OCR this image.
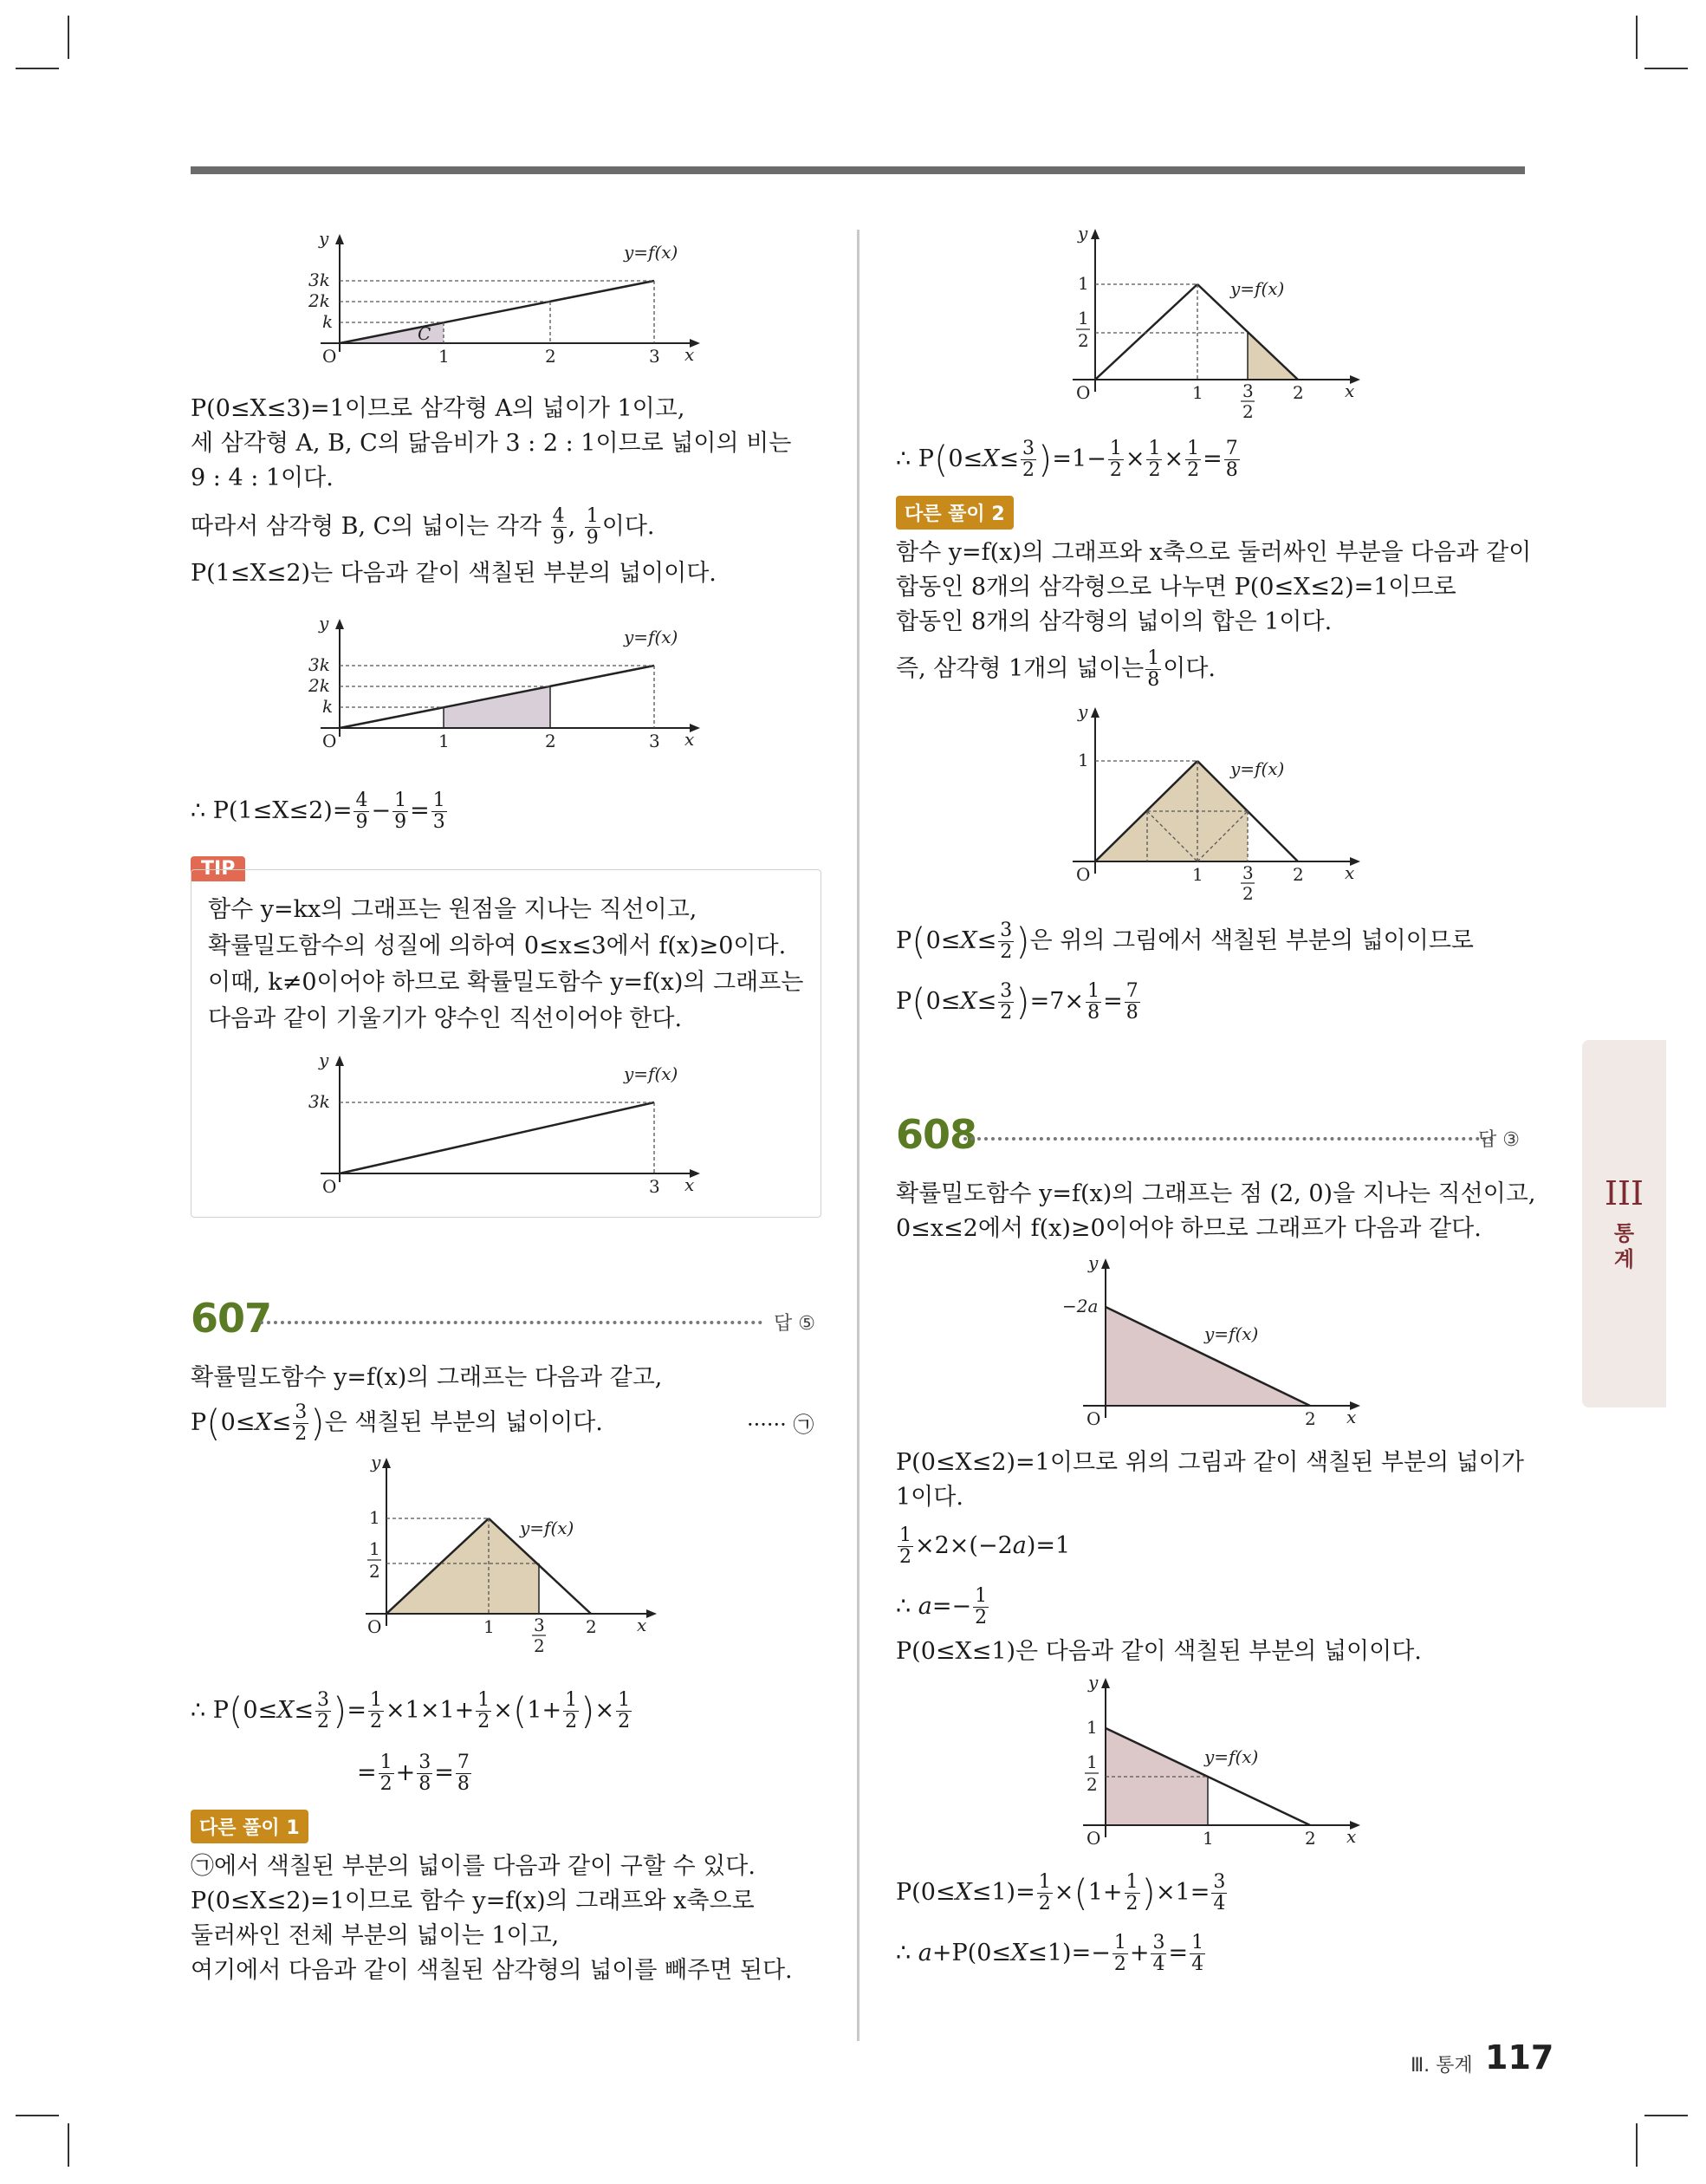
y
x
O
3k
2k
k
1	2	3
C
y=f(x)
P(0≤X≤3)=1이므로 삼각형 A의 넓이가 1이고,
세 삼각형 A, B, C의 닮음비가 3 : 2 : 1이므로 넓이의 비는
9 : 4 : 1이다.
따라서 삼각형 B, C의 넓이는 각각 $\frac{4}{9}$ , $\frac{1}{9}$ 이다.
P(1≤X≤2)는 다음과 같이 색칠된 부분의 넓이이다.
y
x
O
3k
2k
k
1	2	3
y=f(x)
∴ $P(1\le X\le 2)= \frac{4}{9} - \frac{1}{9} = \frac{1}{3}$
TIP
함수 y=kx의 그래프는 원점을 지나는 직선이고,
확률밀도함수의 성질에 의하여 0≤x≤3에서 f(x)≥0이다.
이때, k≠0이어야 하므로 확률밀도함수 y=f(x)의 그래프는
다음과 같이 기울기가 양수인 직선이어야 한다.
y
x
O
3k
3
y=f(x)
607	답 ⑤
확률밀도함수 y=f(x)의 그래프는 다음과 같고,
$P(0\le X\le \frac{3}{2}$ )은 색칠된 부분의 넓이이다.	······ ㉠
y
x
O
1
1
2
1 3
2
2
y=f(x)
∴ $P(0\le X\le \frac{3}{2}$ )= $\frac{1}{2} \times 1\times 1+ \frac{1}{2} \times(1+ \frac{1}{2}$ )× $\frac{1}{2}$
= $\frac{1}{2} + \frac{3}{8} = \frac{7}{8}$
다른 풀이 1
㉠에서 색칠된 부분의 넓이를 다음과 같이 구할 수 있다.
P(0≤X≤2)=1이므로 함수 y=f(x)의 그래프와 x축으로
둘러싸인 전체 부분의 넓이는 1이고,
여기에서 다음과 같이 색칠된 삼각형의 넓이를 빼주면 된다.
y
x
O
1
1
2
1 3
2
2
y=f(x)
∴ $P(0\le X\le \frac{3}{2} )=1- \frac{1}{2} \times \frac{1}{2} \times \frac{1}{2} = \frac{7}{8}$
다른 풀이 2
함수 y=f(x)의 그래프와 x축으로 둘러싸인 부분을 다음과 같이
합동인 8개의 삼각형으로 나누면 P(0≤X≤2)=1이므로
합동인 8개의 삼각형의 넓이의 합은 1이다.
즉, 삼각형 1개의 넓이는 $\frac{1}{8}$ 이다.
y
x
O
1
1 3
2
2
y=f(x)
$P(0\le X\le \frac{3}{2}$ )은 위의 그림에서 색칠된 부분의 넓이이므로
$P(0\le X\le \frac{3}{2} )=7\times \frac{1}{8} = \frac{7}{8}$
608	답 ③
확률밀도함수 y=f(x)의 그래프는 점 (2, 0)을 지나는 직선이고,
0≤x≤2에서 f(x)≥0이어야 하므로 그래프가 다음과 같다.
y
x
O
−2a
2
y=f(x)
P(0≤X≤2)=1이므로 위의 그림과 같이 색칠된 부분의 넓이가
1이다.
$\frac{1}{2} \times 2\times(-2a)=1$
∴ $a=- \frac{1}{2}$
P(0≤X≤1)은 다음과 같이 색칠된 부분의 넓이이다.
y
x
O
1
1
2
1	2
y=f(x)
$P(0\le X\le 1)= \frac{1}{2} \times(1+ \frac{1}{2} )\times 1= \frac{3}{4}$
∴ $a+P(0\le X\le 1)=- \frac{1}{2} + \frac{3}{4} = \frac{1}{4}$
III
통
계
Ⅲ. 통계 117
